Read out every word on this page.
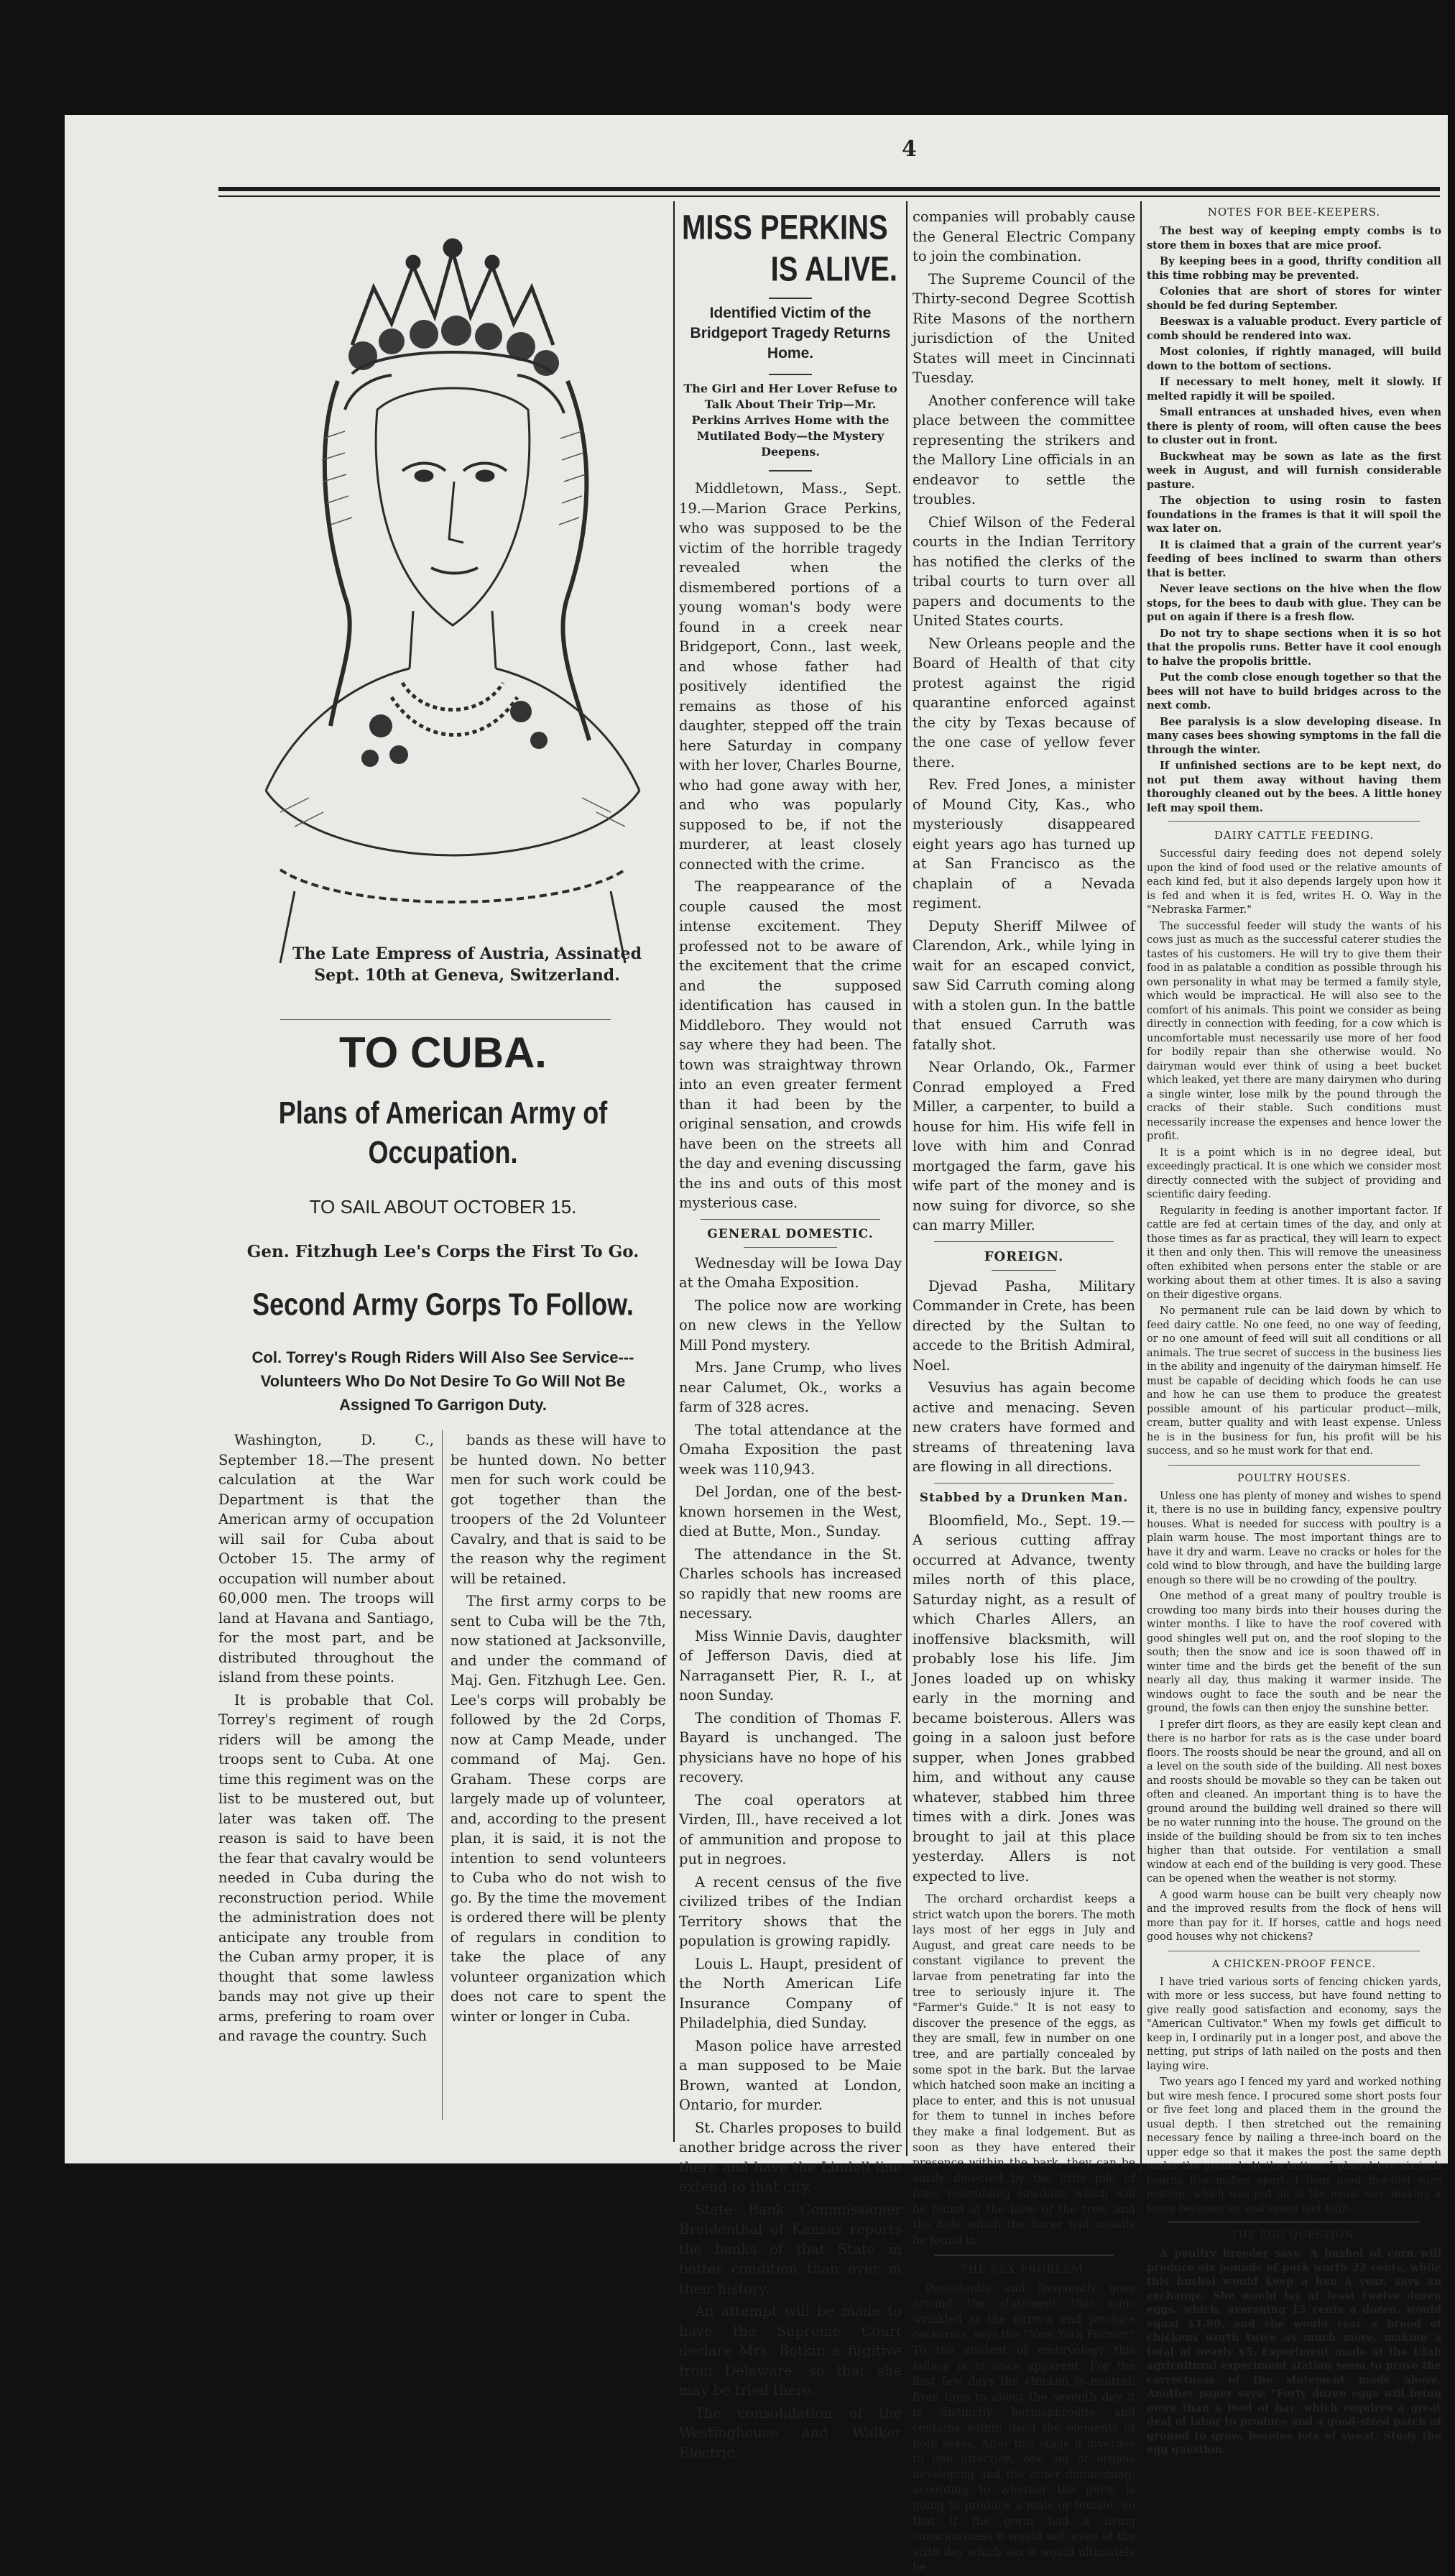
4
The Late Empress of Austria, Assinated Sept. 10th at Geneva, Switzerland.
TO CUBA.
Plans of American Army of Occupation.
TO SAIL ABOUT OCTOBER 15.
Gen. Fitzhugh Lee's Corps the First To Go.
Second Army Gorps To Follow.
Col. Torrey's Rough Riders Will Also See Service---Volunteers Who Do Not Desire To Go Will Not Be Assigned To Garrigon Duty.

Washington, D. C., September 18.—The present calculation at the War Department is that the American army of occupation will sail for Cuba about October 15. The army of occupation will number about 60,000 men. The troops will land at Havana and Santiago, for the most part, and be distributed throughout the island from these points.

It is probable that Col. Torrey's regiment of rough riders will be among the troops sent to Cuba. At one time this regiment was on the list to be mustered out, but later was taken off. The reason is said to have been the fear that cavalry would be needed in Cuba during the reconstruction period. While the administration does not anticipate any trouble from the Cuban army proper, it is thought that some lawless bands may not give up their arms, prefering to roam over and ravage the country. Such

bands as these will have to be hunted down. No better men for such work could be got together than the troopers of the 2d Volunteer Cavalry, and that is said to be the reason why the regiment will be retained.

The first army corps to be sent to Cuba will be the 7th, now stationed at Jacksonville, and under the command of Maj. Gen. Fitzhugh Lee. Gen. Lee's corps will probably be followed by the 2d Corps, now at Camp Meade, under command of Maj. Gen. Graham. These corps are largely made up of volunteer, and, according to the present plan, it is said, it is not the intention to send volunteers to Cuba who do not wish to go. By the time the movement is ordered there will be plenty of regulars in condition to take the place of any volunteer organization which does not care to spent the winter or longer in Cuba.

MISS PERKINS
IS ALIVE.
Identified Victim of the Bridgeport Tragedy Returns Home.
The Girl and Her Lover Refuse to Talk About Their Trip—Mr. Perkins Arrives Home with the Mutilated Body—the Mystery Deepens.

Middletown, Mass., Sept. 19.—Marion Grace Perkins, who was supposed to be the victim of the horrible tragedy revealed when the dismembered portions of a young woman's body were found in a creek near Bridgeport, Conn., last week, and whose father had positively identified the remains as those of his daughter, stepped off the train here Saturday in company with her lover, Charles Bourne, who had gone away with her, and who was popularly supposed to be, if not the murderer, at least closely connected with the crime.

The reappearance of the couple caused the most intense excitement. They professed not to be aware of the excitement that the crime and the supposed identification has caused in Middleboro. They would not say where they had been. The town was straightway thrown into an even greater ferment than it had been by the original sensation, and crowds have been on the streets all the day and evening discussing the ins and outs of this most mysterious case.

GENERAL DOMESTIC.

Wednesday will be Iowa Day at the Omaha Exposition.

The police now are working on new clews in the Yellow Mill Pond mystery.

Mrs. Jane Crump, who lives near Calumet, Ok., works a farm of 328 acres.

The total attendance at the Omaha Exposition the past week was 110,943.

Del Jordan, one of the best-known horsemen in the West, died at Butte, Mon., Sunday.

The attendance in the St. Charles schools has increased so rapidly that new rooms are necessary.

Miss Winnie Davis, daughter of Jefferson Davis, died at Narragansett Pier, R. I., at noon Sunday.

The condition of Thomas F. Bayard is unchanged. The physicians have no hope of his recovery.

The coal operators at Virden, Ill., have received a lot of ammunition and propose to put in negroes.

A recent census of the five civilized tribes of the Indian Territory shows that the population is growing rapidly.

Louis L. Haupt, president of the North American Life Insurance Company of Philadelphia, died Sunday.

Mason police have arrested a man supposed to be Maie Brown, wanted at London, Ontario, for murder.

St. Charles proposes to build another bridge across the river there and have the Lindell line extend to that city.

State Bank Commissioner Breidenthal of Kansas reports the banks of that State in better condition than ever in their history.

An attempt will be made to have the Supreme Court declare Mrs. Botkin a fugitive from Delaware, so that she may be tried there.

The consolidation of the Westinghouse and Walker Electric

companies will probably cause the General Electric Company to join the combination.

The Supreme Council of the Thirty-second Degree Scottish Rite Masons of the northern jurisdiction of the United States will meet in Cincinnati Tuesday.

Another conference will take place between the committee representing the strikers and the Mallory Line officials in an endeavor to settle the troubles.

Chief Wilson of the Federal courts in the Indian Territory has notified the clerks of the tribal courts to turn over all papers and documents to the United States courts.

New Orleans people and the Board of Health of that city protest against the rigid quarantine enforced against the city by Texas because of the one case of yellow fever there.

Rev. Fred Jones, a minister of Mound City, Kas., who mysteriously disappeared eight years ago has turned up at San Francisco as the chaplain of a Nevada regiment.

Deputy Sheriff Milwee of Clarendon, Ark., while lying in wait for an escaped convict, saw Sid Carruth coming along with a stolen gun. In the battle that ensued Carruth was fatally shot.

Near Orlando, Ok., Farmer Conrad employed a Fred Miller, a carpenter, to build a house for him. His wife fell in love with him and Conrad mortgaged the farm, gave his wife part of the money and is now suing for divorce, so she can marry Miller.

FOREIGN.

Djevad Pasha, Military Commander in Crete, has been directed by the Sultan to accede to the British Admiral, Noel.

Vesuvius has again become active and menacing. Seven new craters have formed and streams of threatening lava are flowing in all directions.

Stabbed by a Drunken Man.

Bloomfield, Mo., Sept. 19.—A serious cutting affray occurred at Advance, twenty miles north of this place, Saturday night, as a result of which Charles Allers, an inoffensive blacksmith, will probably lose his life. Jim Jones loaded up on whisky early in the morning and became boisterous. Allers was going in a saloon just before supper, when Jones grabbed him, and without any cause whatever, stabbed him three times with a dirk. Jones was brought to jail at this place yesterday. Allers is not expected to live.

The orchard orchardist keeps a strict watch upon the borers. The moth lays most of her eggs in July and August, and great care needs to be constant vigilance to prevent the larvae from penetrating far into the tree to seriously injure it. The "Farmer's Guide." It is not easy to discover the presence of the eggs, as they are small, few in number on one tree, and are partially concealed by some spot in the bark. But the larvae which hatched soon make an inciting a place to enter, and this is not unusual for them to tunnel in inches before they make a final lodgement. But as soon as they have entered their presence within the bark, they can be easily detected by the little pile of frass resembling sawdust, which will be found at the base of the tree, and the hole which the borer will usually be found in.

THE SEX PROBLEM.

Persistently and frequently goes around the statement that eggs wrinkled at the narrow end produce cockerels, says the "New York Farmer." To the student of embryology this fallacy is at once apparent. For the first few days the chicken is neutral; from then to about the seventh day it is distinctly hermaphrodite and contains within itself the elements of both sexes. After this stage it diverges to one direction, one set of organs developing and the other diminishing, according to whether the germ is going to produce a male or female. So that if the germ had a living consciousness it would not, even at the sixth day which sex it would ultimately be.

NOTES FOR BEE-KEEPERS.

The best way of keeping empty combs is to store them in boxes that are mice proof.

By keeping bees in a good, thrifty condition all this time robbing may be prevented.

Colonies that are short of stores for winter should be fed during September.

Beeswax is a valuable product. Every particle of comb should be rendered into wax.

Most colonies, if rightly managed, will build down to the bottom of sections.

If necessary to melt honey, melt it slowly. If melted rapidly it will be spoiled.

Small entrances at unshaded hives, even when there is plenty of room, will often cause the bees to cluster out in front.

Buckwheat may be sown as late as the first week in August, and will furnish considerable pasture.

The objection to using rosin to fasten foundations in the frames is that it will spoil the wax later on.

It is claimed that a grain of the current year's feeding of bees inclined to swarm than others that is better.

Never leave sections on the hive when the flow stops, for the bees to daub with glue. They can be put on again if there is a fresh flow.

Do not try to shape sections when it is so hot that the propolis runs. Better have it cool enough to halve the propolis brittle.

Put the comb close enough together so that the bees will not have to build bridges across to the next comb.

Bee paralysis is a slow developing disease. In many cases bees showing symptoms in the fall die through the winter.

If unfinished sections are to be kept next, do not put them away without having them thoroughly cleaned out by the bees. A little honey left may spoil them.

DAIRY CATTLE FEEDING.

Successful dairy feeding does not depend solely upon the kind of food used or the relative amounts of each kind fed, but it also depends largely upon how it is fed and when it is fed, writes H. O. Way in the "Nebraska Farmer."

The successful feeder will study the wants of his cows just as much as the successful caterer studies the tastes of his customers. He will try to give them their food in as palatable a condition as possible through his own personality in what may be termed a family style, which would be impractical. He will also see to the comfort of his animals. This point we consider as being directly in connection with feeding, for a cow which is uncomfortable must necessarily use more of her food for bodily repair than she otherwise would. No dairyman would ever think of using a beet bucket which leaked, yet there are many dairymen who during a single winter, lose milk by the pound through the cracks of their stable. Such conditions must necessarily increase the expenses and hence lower the profit.

It is a point which is in no degree ideal, but exceedingly practical. It is one which we consider most directly connected with the subject of providing and scientific dairy feeding.

Regularity in feeding is another important factor. If cattle are fed at certain times of the day, and only at those times as far as practical, they will learn to expect it then and only then. This will remove the uneasiness often exhibited when persons enter the stable or are working about them at other times. It is also a saving on their digestive organs.

No permanent rule can be laid down by which to feed dairy cattle. No one feed, no one way of feeding, or no one amount of feed will suit all conditions or all animals. The true secret of success in the business lies in the ability and ingenuity of the dairyman himself. He must be capable of deciding which foods he can use and how he can use them to produce the greatest possible amount of his particular product—milk, cream, butter quality and with least expense. Unless he is in the business for fun, his profit will be his success, and so he must work for that end.

POULTRY HOUSES.

Unless one has plenty of money and wishes to spend it, there is no use in building fancy, expensive poultry houses. What is needed for success with poultry is a plain warm house. The most important things are to have it dry and warm. Leave no cracks or holes for the cold wind to blow through, and have the building large enough so there will be no crowding of the poultry.

One method of a great many of poultry trouble is crowding too many birds into their houses during the winter months. I like to have the roof covered with good shingles well put on, and the roof sloping to the south; then the snow and ice is soon thawed off in winter time and the birds get the benefit of the sun nearly all day, thus making it warmer inside. The windows ought to face the south and be near the ground, the fowls can then enjoy the sunshine better.

I prefer dirt floors, as they are easily kept clean and there is no harbor for rats as is the case under board floors. The roosts should be near the ground, and all on a level on the south side of the building. All nest boxes and roosts should be movable so they can be taken out often and cleaned. An important thing is to have the ground around the building well drained so there will be no water running into the house. The ground on the inside of the building should be from six to ten inches higher than that outside. For ventilation a small window at each end of the building is very good. These can be opened when the weather is not stormy.

A good warm house can be built very cheaply now and the improved results from the flock of hens will more than pay for it. If horses, cattle and hogs need good houses why not chickens?

A CHICKEN-PROOF FENCE.

I have tried various sorts of fencing chicken yards, with more or less success, but have found netting to give really good satisfaction and economy, says the "American Cultivator." When my fowls get difficult to keep in, I ordinarily put in a longer post, and above the netting, put strips of lath nailed on the posts and then laying wire.

Two years ago I fenced my yard and worked nothing but wire mesh fence. I procured some short posts four or five feet long and placed them in the ground the usual depth. I then stretched out the remaining necessary fence by nailing a three-inch board on the upper edge so that it makes the post the same depth under the ground. At the bottom I placed two six-inch boards five inches apart. I then used five-foot wire netting, which was put on in the usual way, making a fence between six and seven feet high.

THE EGG QUESTION.

A poultry breeder says: A bushel of corn will produce six pounds of pork worth 22 cents, while this bushel would keep a hen a year, says an exchange. She would lay at least twelve dozen eggs, which, averaging 15 cents a dozen, would equal $1.80, and she would rear a brood of chickens worth twice as much more, making a total of nearly $5. Experiment made at the Utah agricultural experiment station seem to prove the correctness of the statement made above. Another paper says: "Forty dozen eggs will bring more than a load of hay, which requires a great deal of labor to produce and a good-sized patch of ground to grow, besides lots of sweat. Study the egg question.
